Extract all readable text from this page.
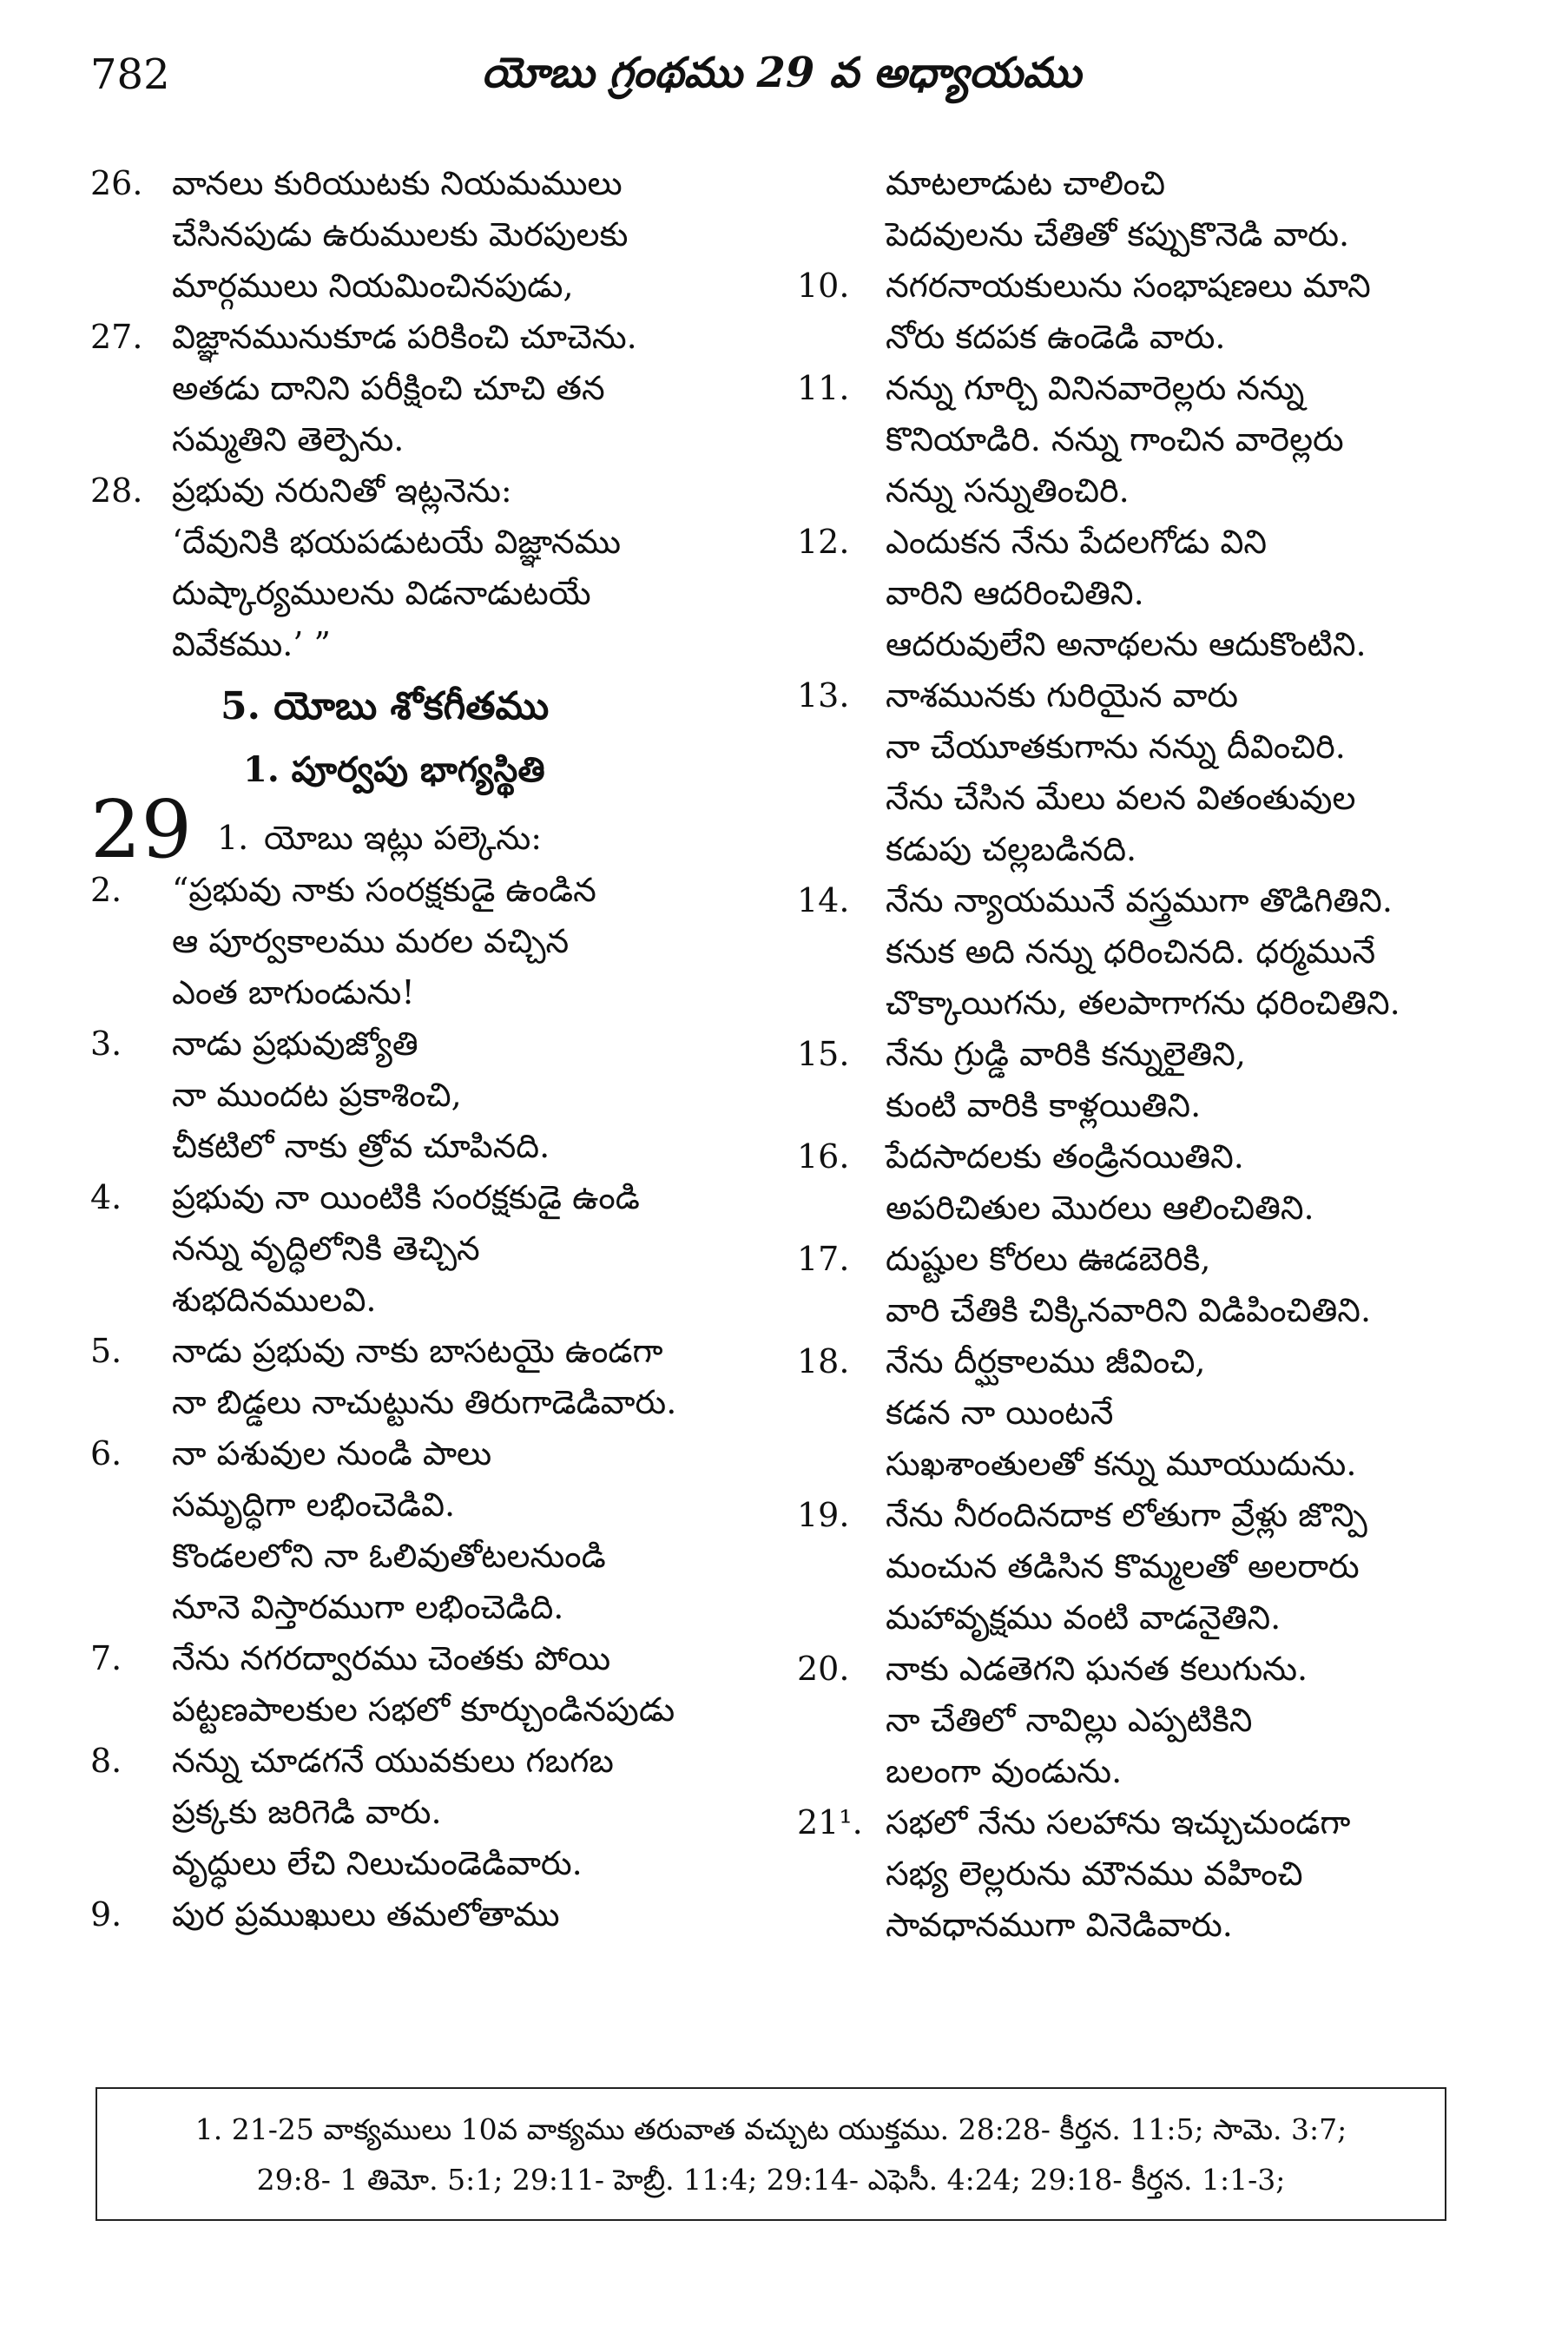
782	యోబు గ్రంథము 29 వ అధ్యాయము
26. వానలు కురియుటకు నియమములు
చేసినపుడు ఉరుములకు మెరపులకు
మార్గములు నియమించినపుడు,
27. విజ్ఞానమునుకూడ పరికించి చూచెను.
అతడు దానిని పరీక్షించి చూచి తన
సమ్మతిని తెల్పెను.
28. ప్రభువు నరునితో ఇట్లనెను:
‘దేవునికి భయపడుటయే విజ్ఞానము
దుష్కార్యములను విడనాడుటయే
వివేకము.’ ”
5. యోబు శోకగీతము
1. పూర్వపు భాగ్యస్థితి
29 1. యోబు ఇట్లు పల్కెను:
2. “ప్రభువు నాకు సంరక్షకుడై ఉండిన
ఆ పూర్వకాలము మరల వచ్చిన
ఎంత బాగుండును!
3. నాడు ప్రభువుజ్యోతి
నా ముందట ప్రకాశించి,
చీకటిలో నాకు త్రోవ చూపినది.
4. ప్రభువు నా యింటికి సంరక్షకుడై ఉండి
నన్ను వృద్ధిలోనికి తెచ్చిన
శుభదినములవి.
5. నాడు ప్రభువు నాకు బాసటయై ఉండగా
నా బిడ్డలు నాచుట్టును తిరుగాడెడివారు.
6. నా పశువుల నుండి పాలు
సమృద్ధిగా లభించెడివి.
కొండలలోని నా ఓలివుతోటలనుండి
నూనె విస్తారముగా లభించెడిది.
7. నేను నగరద్వారము చెంతకు పోయి
పట్టణపాలకుల సభలో కూర్చుండినపుడు
8. నన్ను చూడగనే యువకులు గబగబ
ప్రక్కకు జరిగెడి వారు.
వృద్ధులు లేచి నిలుచుండెడివారు.
9. పుర ప్రముఖులు తమలోతాము
మాటలాడుట చాలించి
పెదవులను చేతితో కప్పుకొనెడి వారు.
10. నగరనాయకులును సంభాషణలు మాని
నోరు కదపక ఉండెడి వారు.
11. నన్ను గూర్చి వినినవారెల్లరు నన్ను
కొనియాడిరి. నన్ను గాంచిన వారెల్లరు
నన్ను సన్నుతించిరి.
12. ఎందుకన నేను పేదలగోడు విని
వారిని ఆదరించితిని.
ఆదరువులేని అనాథలను ఆదుకొంటిని.
13. నాశమునకు గురియైన వారు
నా చేయూతకుగాను నన్ను దీవించిరి.
నేను చేసిన మేలు వలన వితంతువుల
కడుపు చల్లబడినది.
14. నేను న్యాయమునే వస్త్రముగా తొడిగితిని.
కనుక అది నన్ను ధరించినది. ధర్మమునే
చొక్కాయిగను, తలపాగాగను ధరించితిని.
15. నేను గ్రుడ్డి వారికి కన్నులైతిని,
కుంటి వారికి కాళ్లయితిని.
16. పేదసాదలకు తండ్రినయితిని.
అపరిచితుల మొరలు ఆలించితిని.
17. దుష్టుల కోరలు ఊడబెరికి,
వారి చేతికి చిక్కినవారిని విడిపించితిని.
18. నేను దీర్ఘకాలము జీవించి,
కడన నా యింటనే
సుఖశాంతులతో కన్ను మూయుదును.
19. నేను నీరందినదాక లోతుగా వ్రేళ్లు జొన్పి
మంచున తడిసిన కొమ్మలతో అలరారు
మహావృక్షము వంటి వాడనైతిని.
20. నాకు ఎడతెగని ఘనత కలుగును.
నా చేతిలో నావిల్లు ఎప్పటికిని
బలంగా వుండును.
21¹. సభలో నేను సలహాను ఇచ్చుచుండగా
సభ్య లెల్లరును మౌనము వహించి
సావధానముగా వినెడివారు.
1. 21-25 వాక్యములు 10వ వాక్యము తరువాత వచ్చుట యుక్తము. 28:28- కీర్తన. 11:5; సామె. 3:7;
29:8- 1 తిమో. 5:1; 29:11- హెబ్రీ. 11:4; 29:14- ఎఫెసీ. 4:24; 29:18- కీర్తన. 1:1-3;
